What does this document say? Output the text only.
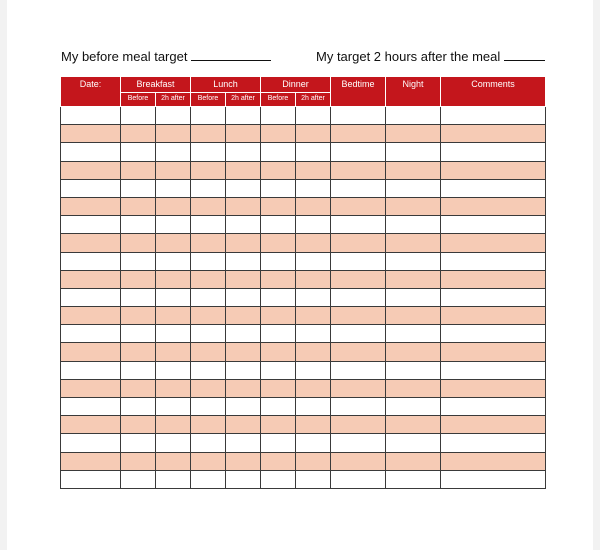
My before meal target	My target 2 hours after the meal
Date:	Breakfast		Lunch		Dinner		Bedtime	Night	Comments
	Before	2h after	Before	2h after	Before	2h after			
